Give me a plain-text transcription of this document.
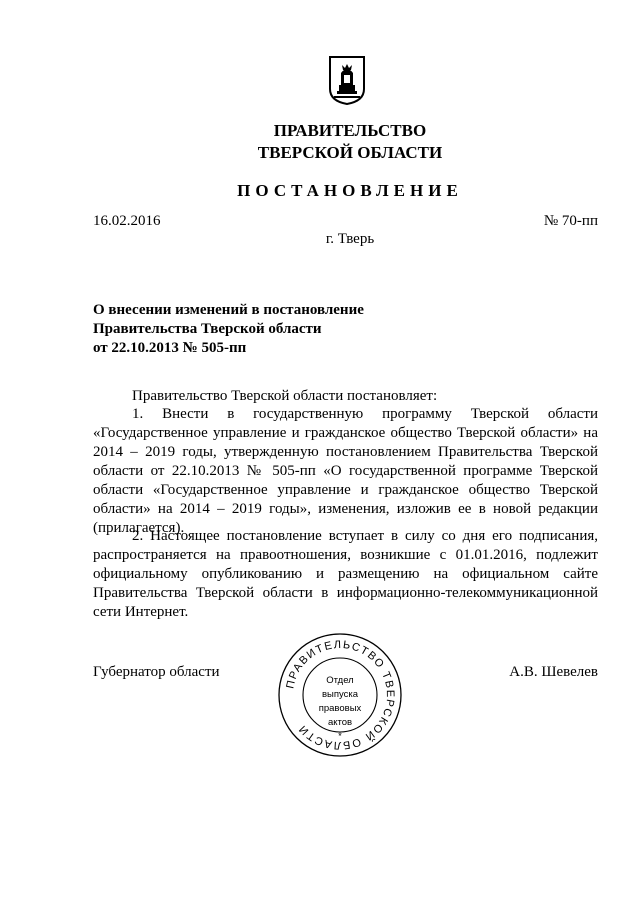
ПРАВИТЕЛЬСТВО
ТВЕРСКОЙ ОБЛАСТИ
ПОСТАНОВЛЕНИЕ
16.02.2016	№ 70-пп
г. Тверь
О внесении изменений в постановление
Правительства Тверской области
от 22.10.2013 № 505-пп
Правительство Тверской области постановляет:
1. Внести в государственную программу Тверской области «Государственное управление и гражданское общество Тверской области» на 2014 – 2019 годы, утвержденную постановлением Правительства Тверской области от 22.10.2013 № 505-пп «О государственной программе Тверской области «Государственное управление и гражданское общество Тверской области» на 2014 – 2019 годы», изменения, изложив ее в новой редакции (прилагается).
2. Настоящее постановление вступает в силу со дня его подписания, распространяется на правоотношения, возникшие с 01.01.2016, подлежит официальному опубликованию и размещению на официальном сайте Правительства Тверской области в информационно-телекоммуникационной сети Интернет.
Губернатор области	А.В. Шевелев
ПРАВИТЕЛЬСТВО ТВЕРСКОЙ ОБЛАСТИ
Отдел
выпуска
правовых
актов
*
